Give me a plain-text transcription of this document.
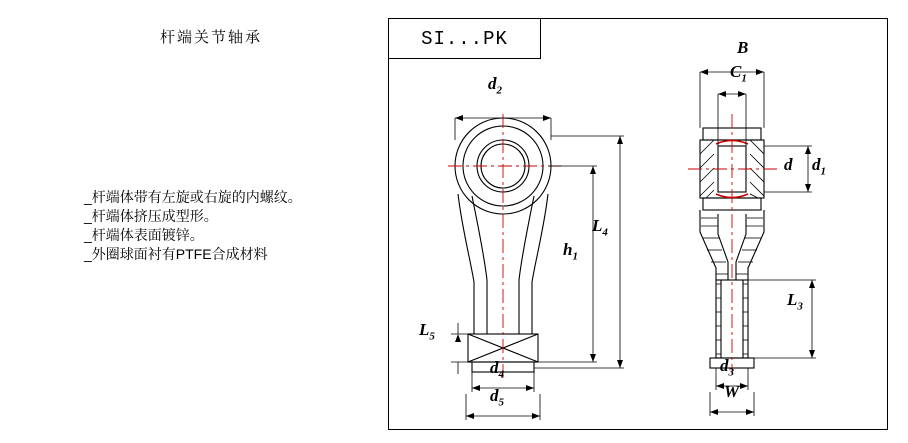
杆端关节轴承
_杆端体带有左旋或右旋的内螺纹。
_杆端体挤压成型形。
_杆端体表面镀锌。
_外圈球面衬有PTFE合成材料
SI...PK
$d_2$
$L_4$
$h_1$
$L_5$
$d_4$
$d_5$
B
$C_1$
d $d_1$
$L_3$
$d_3$
W
